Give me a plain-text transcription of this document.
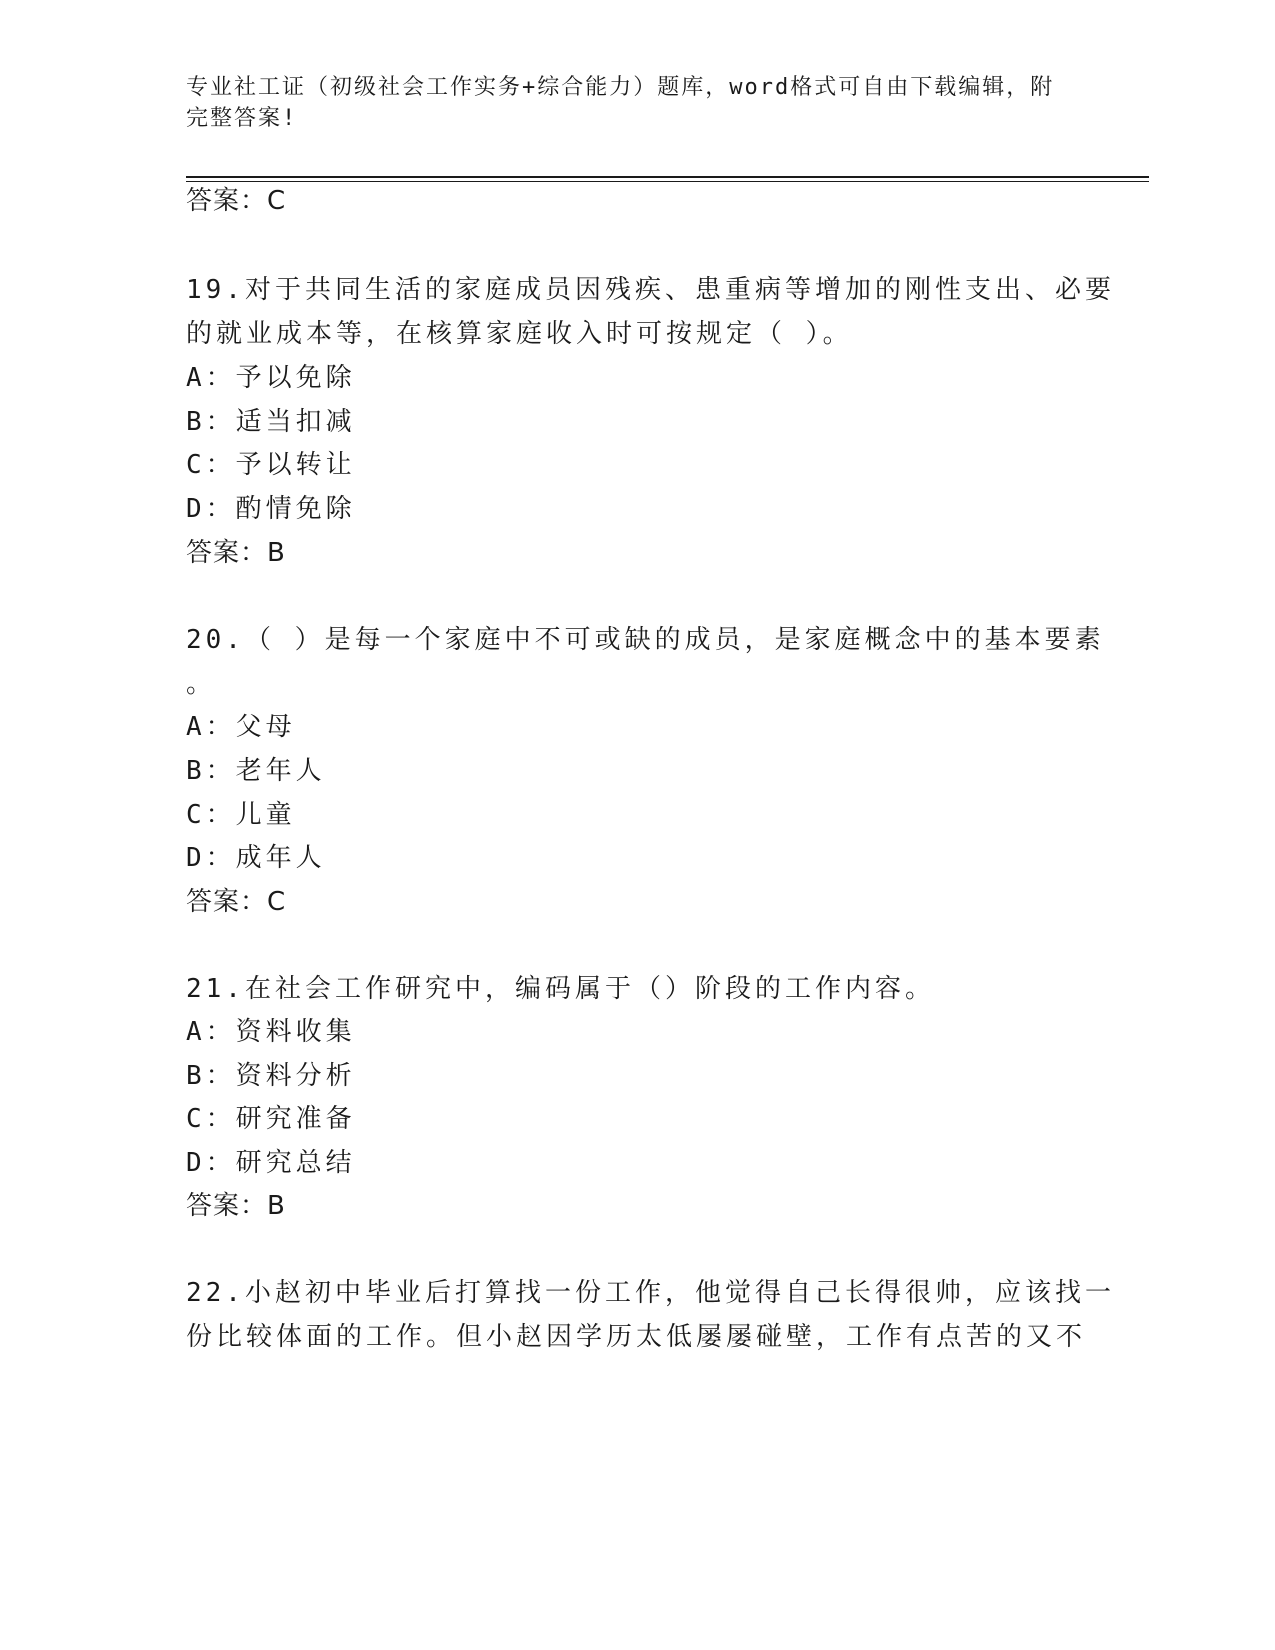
专业社工证（初级社会工作实务+综合能力）题库，word格式可自由下载编辑，附
完整答案!
答案：C
19.对于共同生活的家庭成员因残疾、患重病等增加的刚性支出、必要
的就业成本等，在核算家庭收入时可按规定（ ）。
A：予以免除
B：适当扣减
C：予以转让
D：酌情免除
答案：B
20.（ ）是每一个家庭中不可或缺的成员，是家庭概念中的基本要素
。
A：父母
B：老年人
C：儿童
D：成年人
答案：C
21.在社会工作研究中，编码属于（）阶段的工作内容。
A：资料收集
B：资料分析
C：研究准备
D：研究总结
答案：B
22.小赵初中毕业后打算找一份工作，他觉得自己长得很帅，应该找一
份比较体面的工作。但小赵因学历太低屡屡碰壁，工作有点苦的又不
